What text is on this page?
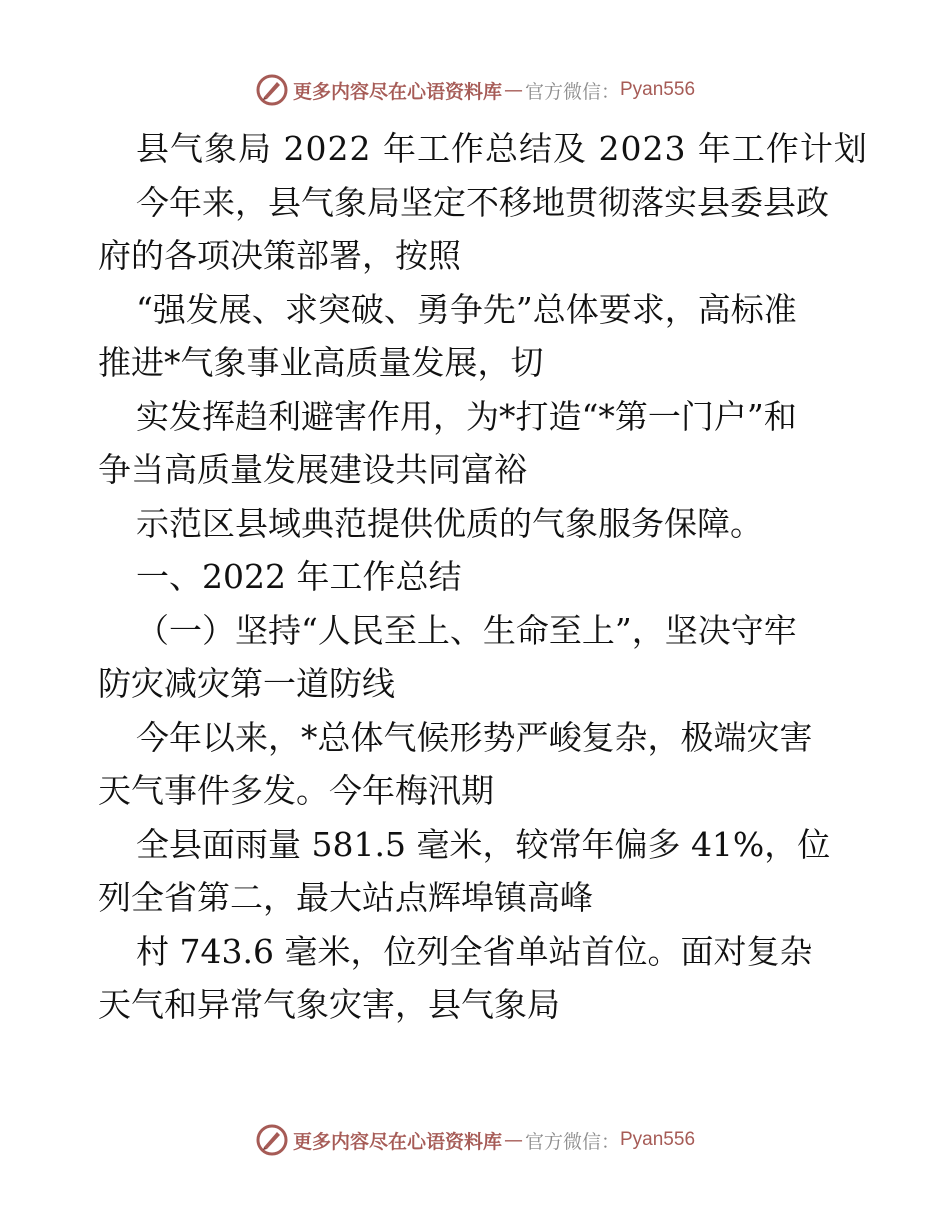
更多内容尽在心语资料库 — 官方微信： Pyan556
县气象局 2022 年工作总结及 2023 年工作计划
今年来，县气象局坚定不移地贯彻落实县委县政
府的各项决策部署，按照
“强发展、求突破、勇争先”总体要求，高标准
推进*气象事业高质量发展，切
实发挥趋利避害作用，为*打造“*第一门户”和
争当高质量发展建设共同富裕
示范区县域典范提供优质的气象服务保障。
一、2022 年工作总结
（一）坚持“人民至上、生命至上”，坚决守牢
防灾减灾第一道防线
今年以来，*总体气候形势严峻复杂，极端灾害
天气事件多发。今年梅汛期
全县面雨量 581.5 毫米，较常年偏多 41%，位
列全省第二，最大站点辉埠镇高峰
村 743.6 毫米，位列全省单站首位。面对复杂
天气和异常气象灾害，县气象局
更多内容尽在心语资料库 — 官方微信： Pyan556
